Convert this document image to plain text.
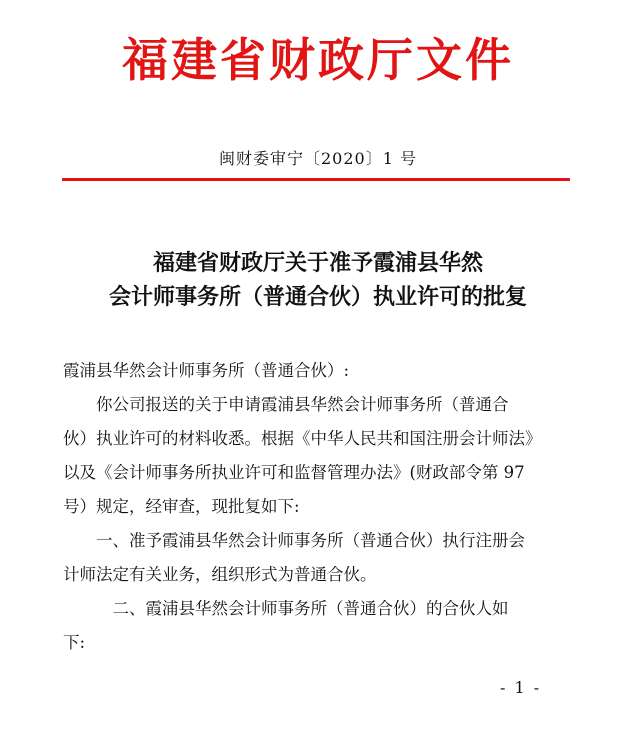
福建省财政厅文件
闽财委审宁〔2020〕1 号
福建省财政厅关于准予霞浦县华然
会计师事务所（普通合伙）执业许可的批复
霞浦县华然会计师事务所（普通合伙）:
　　你公司报送的关于申请霞浦县华然会计师事务所（普通合
伙）执业许可的材料收悉。根据《中华人民共和国注册会计师法》
以及《会计师事务所执业许可和监督管理办法》(财政部令第 97
号）规定，经审查，现批复如下:
　　一、准予霞浦县华然会计师事务所（普通合伙）执行注册会
计师法定有关业务，组织形式为普通合伙。
　　　二、霞浦县华然会计师事务所（普通合伙）的合伙人如
下:
- 1 -
